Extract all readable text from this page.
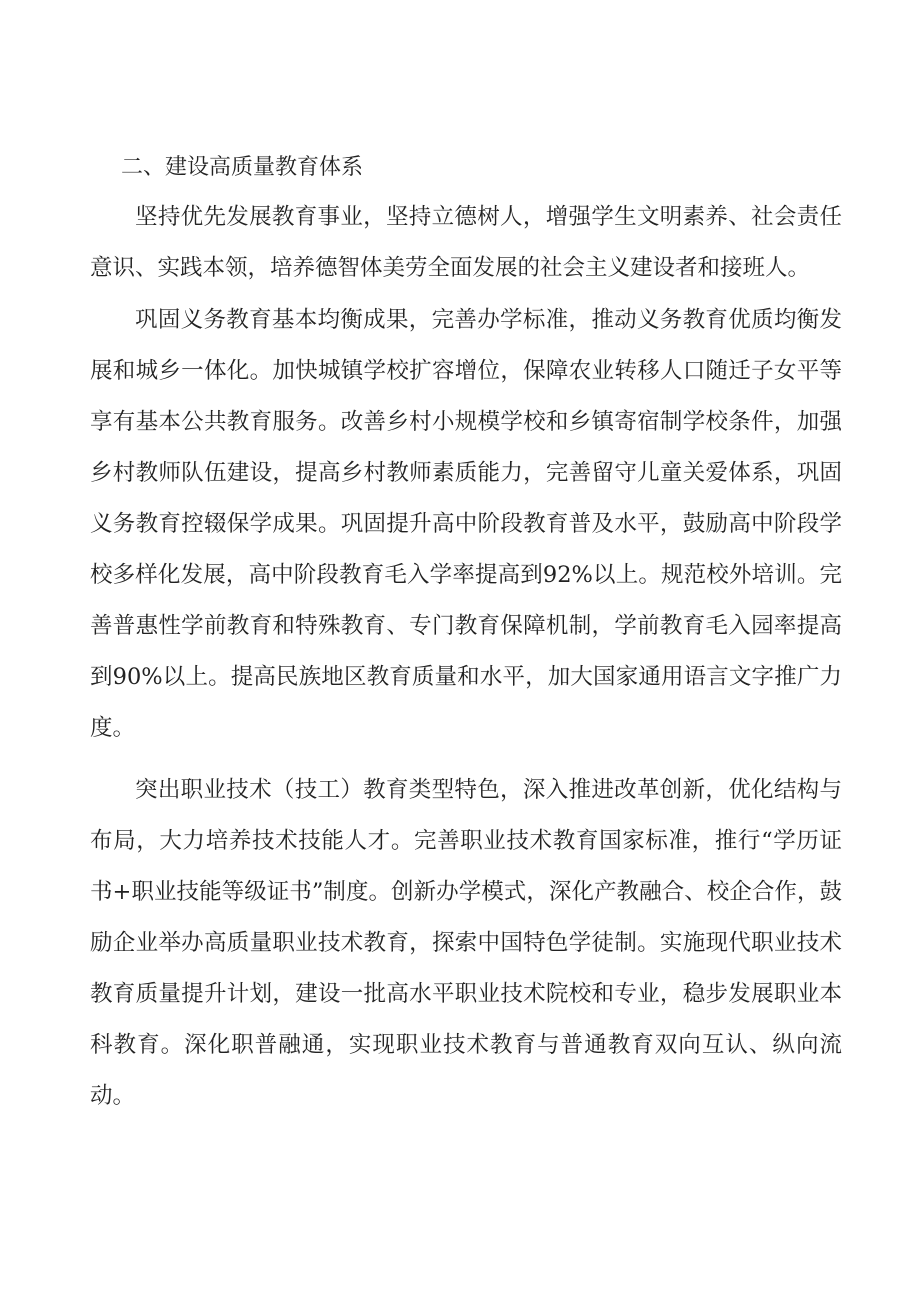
二、建设高质量教育体系

坚持优先发展教育事业，坚持立德树人，增强学生文明素养、社会责任意识、实践本领，培养德智体美劳全面发展的社会主义建设者和接班人。

巩固义务教育基本均衡成果，完善办学标准，推动义务教育优质均衡发展和城乡一体化。加快城镇学校扩容增位，保障农业转移人口随迁子女平等享有基本公共教育服务。改善乡村小规模学校和乡镇寄宿制学校条件，加强乡村教师队伍建设，提高乡村教师素质能力，完善留守儿童关爱体系，巩固义务教育控辍保学成果。巩固提升高中阶段教育普及水平，鼓励高中阶段学校多样化发展，高中阶段教育毛入学率提高到92%以上。规范校外培训。完善普惠性学前教育和特殊教育、专门教育保障机制，学前教育毛入园率提高到90%以上。提高民族地区教育质量和水平，加大国家通用语言文字推广力度。

突出职业技术（技工）教育类型特色，深入推进改革创新，优化结构与布局，大力培养技术技能人才。完善职业技术教育国家标准，推行“学历证书+职业技能等级证书”制度。创新办学模式，深化产教融合、校企合作，鼓励企业举办高质量职业技术教育，探索中国特色学徒制。实施现代职业技术教育质量提升计划，建设一批高水平职业技术院校和专业，稳步发展职业本科教育。深化职普融通，实现职业技术教育与普通教育双向互认、纵向流动。
